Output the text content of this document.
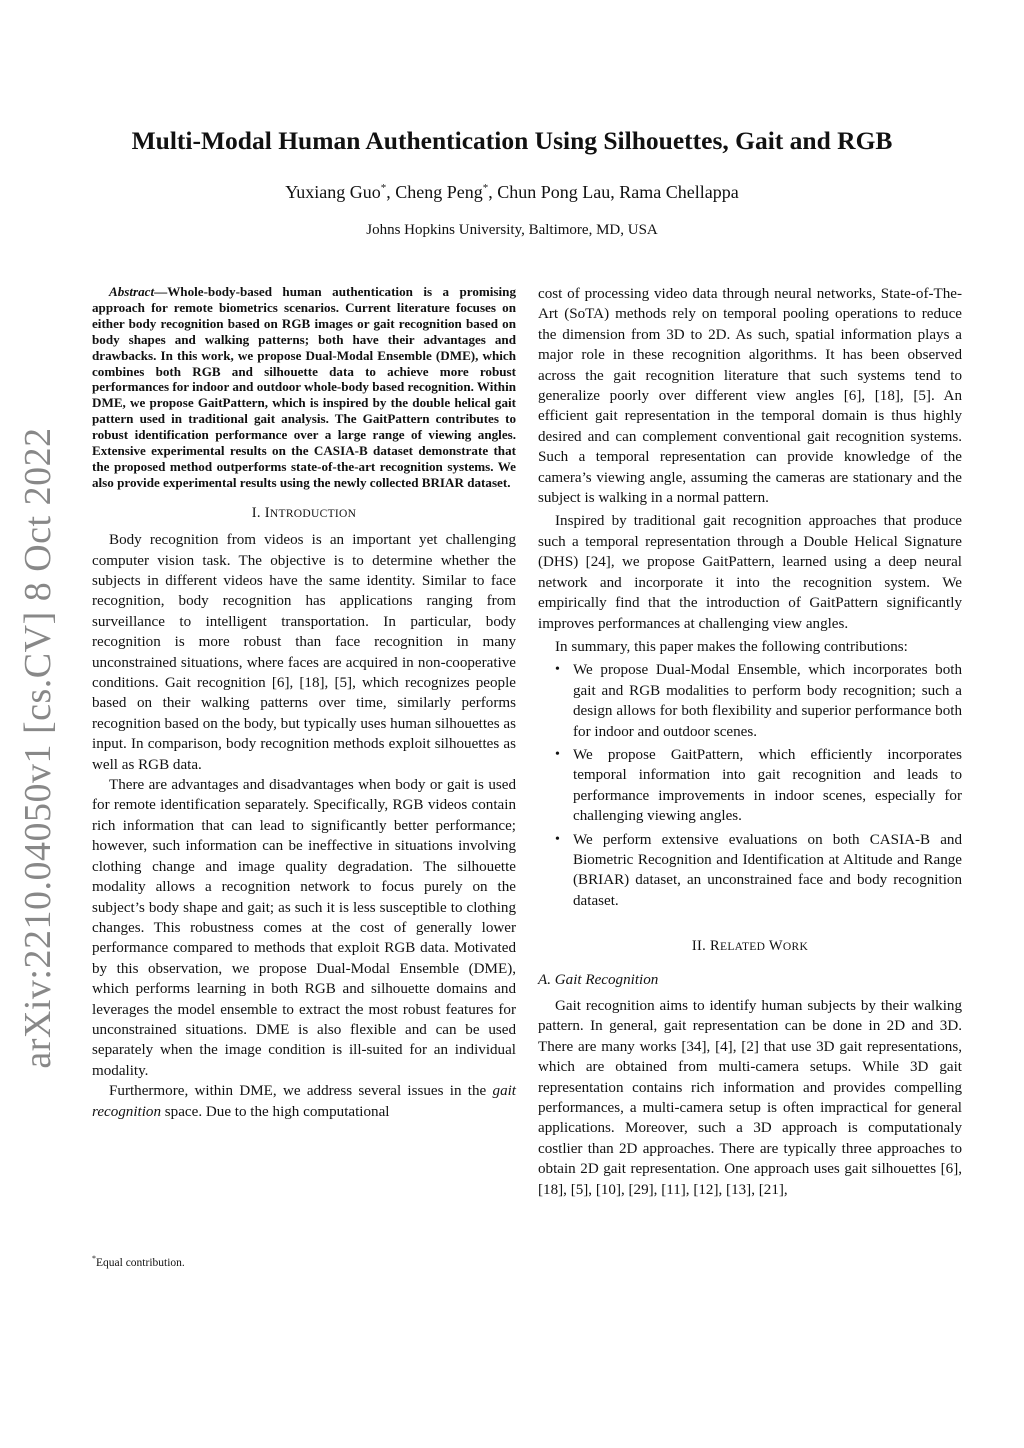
arXiv:2210.04050v1 [cs.CV] 8 Oct 2022
Multi-Modal Human Authentication Using Silhouettes, Gait and RGB
Yuxiang Guo*, Cheng Peng*, Chun Pong Lau, Rama Chellappa
Johns Hopkins University, Baltimore, MD, USA

Abstract—Whole-body-based human authentication is a promising approach for remote biometrics scenarios. Current literature focuses on either body recognition based on RGB images or gait recognition based on body shapes and walking patterns; both have their advantages and drawbacks. In this work, we propose Dual-Modal Ensemble (DME), which combines both RGB and silhouette data to achieve more robust performances for indoor and outdoor whole-body based recognition. Within DME, we propose GaitPattern, which is inspired by the double helical gait pattern used in traditional gait analysis. The GaitPattern contributes to robust identification performance over a large range of viewing angles. Extensive experimental results on the CASIA-B dataset demonstrate that the proposed method outperforms state-of-the-art recognition systems. We also provide experimental results using the newly collected BRIAR dataset.

I. INTRODUCTION

Body recognition from videos is an important yet challenging computer vision task. The objective is to determine whether the subjects in different videos have the same identity. Similar to face recognition, body recognition has applications ranging from surveillance to intelligent transportation. In particular, body recognition is more robust than face recognition in many unconstrained situations, where faces are acquired in non-cooperative conditions. Gait recognition [6], [18], [5], which recognizes people based on their walking patterns over time, similarly performs recognition based on the body, but typically uses human silhouettes as input. In comparison, body recognition methods exploit silhouettes as well as RGB data.

There are advantages and disadvantages when body or gait is used for remote identification separately. Specifically, RGB videos contain rich information that can lead to significantly better performance; however, such information can be ineffective in situations involving clothing change and image quality degradation. The silhouette modality allows a recognition network to focus purely on the subject’s body shape and gait; as such it is less susceptible to clothing changes. This robustness comes at the cost of generally lower performance compared to methods that exploit RGB data. Motivated by this observation, we propose Dual-Modal Ensemble (DME), which performs learning in both RGB and silhouette domains and leverages the model ensemble to extract the most robust features for unconstrained situations. DME is also flexible and can be used separately when the image condition is ill-suited for an individual modality.

Furthermore, within DME, we address several issues in the gait recognition space. Due to the high computational

cost of processing video data through neural networks, State-of-The-Art (SoTA) methods rely on temporal pooling operations to reduce the dimension from 3D to 2D. As such, spatial information plays a major role in these recognition algorithms. It has been observed across the gait recognition literature that such systems tend to generalize poorly over different view angles [6], [18], [5]. An efficient gait representation in the temporal domain is thus highly desired and can complement conventional gait recognition systems. Such a temporal representation can provide knowledge of the camera’s viewing angle, assuming the cameras are stationary and the subject is walking in a normal pattern.

Inspired by traditional gait recognition approaches that produce such a temporal representation through a Double Helical Signature (DHS) [24], we propose GaitPattern, learned using a deep neural network and incorporate it into the recognition system. We empirically find that the introduction of GaitPattern significantly improves performances at challenging view angles.

In summary, this paper makes the following contributions:

• We propose Dual-Modal Ensemble, which incorporates both gait and RGB modalities to perform body recognition; such a design allows for both flexibility and superior performance both for indoor and outdoor scenes.
• We propose GaitPattern, which efficiently incorporates temporal information into gait recognition and leads to performance improvements in indoor scenes, especially for challenging viewing angles.
• We perform extensive evaluations on both CASIA-B and Biometric Recognition and Identification at Altitude and Range (BRIAR) dataset, an unconstrained face and body recognition dataset.
II. RELATED WORK
A. Gait Recognition

Gait recognition aims to identify human subjects by their walking pattern. In general, gait representation can be done in 2D and 3D. There are many works [34], [4], [2] that use 3D gait representations, which are obtained from multi-camera setups. While 3D gait representation contains rich information and provides compelling performances, a multi-camera setup is often impractical for general applications. Moreover, such a 3D approach is computationaly costlier than 2D approaches. There are typically three approaches to obtain 2D gait representation. One approach uses gait silhouettes [6], [18], [5], [10], [29], [11], [12], [13], [21],

*Equal contribution.
